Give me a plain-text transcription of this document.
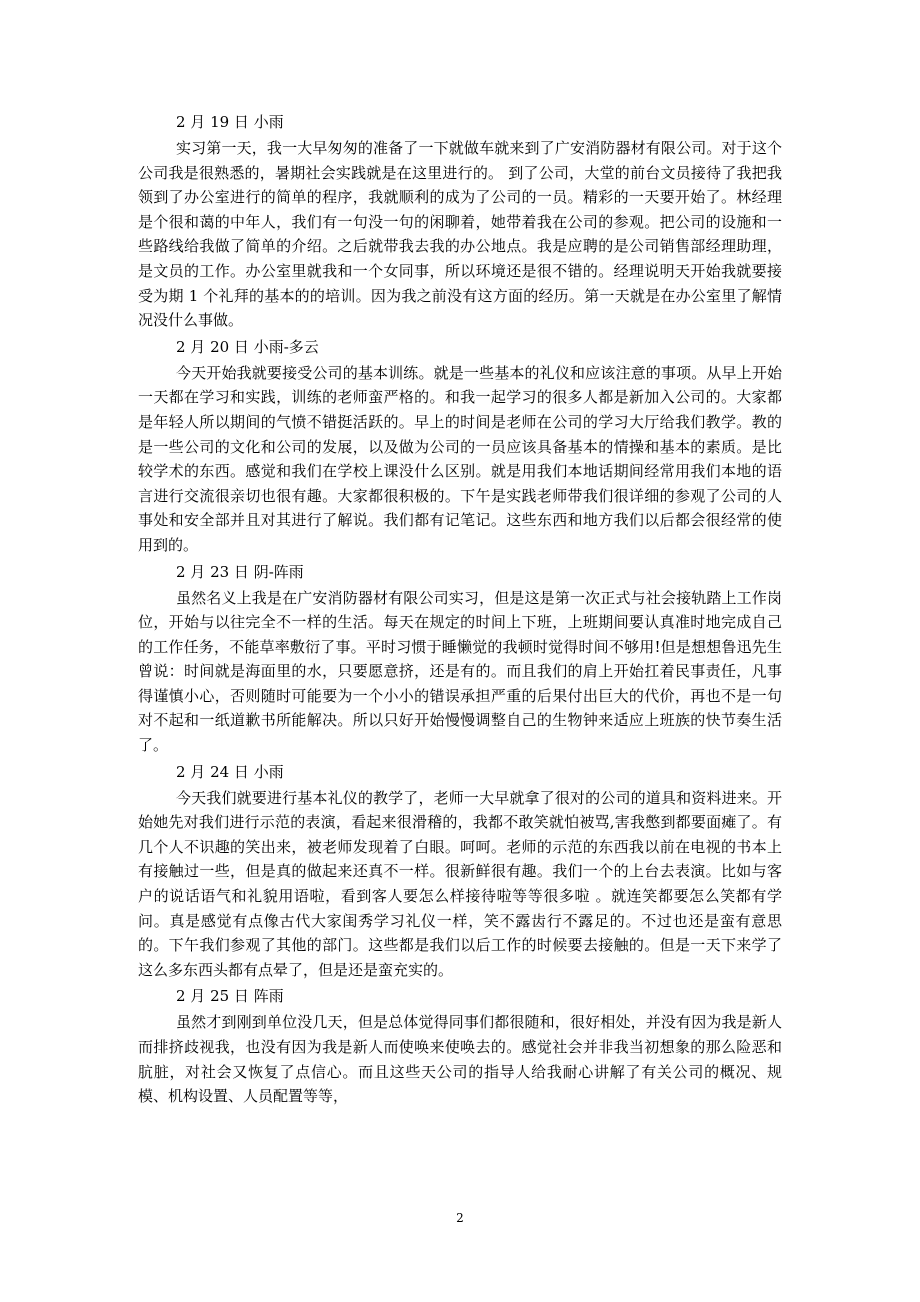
2 月 19 日 小雨

实习第一天，我一大早匆匆的准备了一下就做车就来到了广安消防器材有限公司。对于这个公司我是很熟悉的，暑期社会实践就是在这里进行的。 到了公司，大堂的前台文员接待了我把我领到了办公室进行的简单的程序，我就顺利的成为了公司的一员。精彩的一天要开始了。林经理是个很和蔼的中年人，我们有一句没一句的闲聊着，她带着我在公司的参观。把公司的设施和一些路线给我做了简单的介绍。之后就带我去我的办公地点。我是应聘的是公司销售部经理助理，是文员的工作。办公室里就我和一个女同事，所以环境还是很不错的。经理说明天开始我就要接受为期 1 个礼拜的基本的的培训。因为我之前没有这方面的经历。第一天就是在办公室里了解情况没什么事做。

2 月 20 日 小雨-多云

今天开始我就要接受公司的基本训练。就是一些基本的礼仪和应该注意的事项。从早上开始一天都在学习和实践，训练的老师蛮严格的。和我一起学习的很多人都是新加入公司的。大家都是年轻人所以期间的气愤不错挺活跃的。早上的时间是老师在公司的学习大厅给我们教学。教的是一些公司的文化和公司的发展，以及做为公司的一员应该具备基本的情操和基本的素质。是比较学术的东西。感觉和我们在学校上课没什么区别。就是用我们本地话期间经常用我们本地的语言进行交流很亲切也很有趣。大家都很积极的。下午是实践老师带我们很详细的参观了公司的人事处和安全部并且对其进行了解说。我们都有记笔记。这些东西和地方我们以后都会很经常的使用到的。

2 月 23 日 阴-阵雨

虽然名义上我是在广安消防器材有限公司实习，但是这是第一次正式与社会接轨踏上工作岗位，开始与以往完全不一样的生活。每天在规定的时间上下班，上班期间要认真准时地完成自己的工作任务，不能草率敷衍了事。平时习惯于睡懒觉的我顿时觉得时间不够用!但是想想鲁迅先生曾说：时间就是海面里的水，只要愿意挤，还是有的。而且我们的肩上开始扛着民事责任，凡事得谨慎小心，否则随时可能要为一个小小的错误承担严重的后果付出巨大的代价，再也不是一句对不起和一纸道歉书所能解决。所以只好开始慢慢调整自己的生物钟来适应上班族的快节奏生活了。

2 月 24 日 小雨

今天我们就要进行基本礼仪的教学了，老师一大早就拿了很对的公司的道具和资料进来。开始她先对我们进行示范的表演，看起来很滑稽的，我都不敢笑就怕被骂,害我憋到都要面瘫了。有几个人不识趣的笑出来，被老师发现着了白眼。呵呵。老师的示范的东西我以前在电视的书本上有接触过一些，但是真的做起来还真不一样。很新鲜很有趣。我们一个的上台去表演。比如与客户的说话语气和礼貌用语啦，看到客人要怎么样接待啦等等很多啦 。就连笑都要怎么笑都有学问。真是感觉有点像古代大家闺秀学习礼仪一样，笑不露齿行不露足的。不过也还是蛮有意思的。下午我们参观了其他的部门。这些都是我们以后工作的时候要去接触的。但是一天下来学了这么多东西头都有点晕了，但是还是蛮充实的。

2 月 25 日 阵雨

虽然才到刚到单位没几天，但是总体觉得同事们都很随和，很好相处，并没有因为我是新人而排挤歧视我，也没有因为我是新人而使唤来使唤去的。感觉社会并非我当初想象的那么险恶和肮脏，对社会又恢复了点信心。而且这些天公司的指导人给我耐心讲解了有关公司的概况、规模、机构设置、人员配置等等，

2
